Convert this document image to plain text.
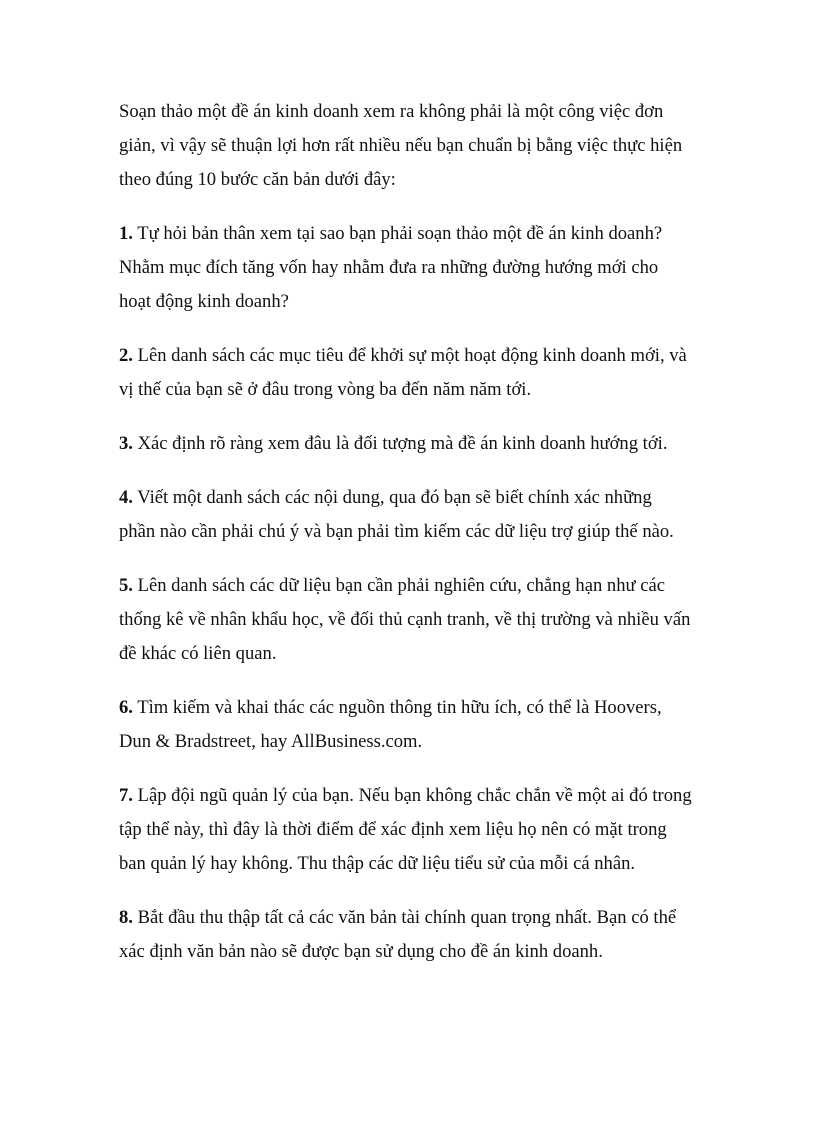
Soạn thảo một đề án kinh doanh xem ra không phải là một công việc đơn
giản, vì vậy sẽ thuận lợi hơn rất nhiều nếu bạn chuẩn bị bằng việc thực hiện
theo đúng 10 bước căn bản dưới đây:

1. Tự hỏi bản thân xem tại sao bạn phải soạn thảo một đề án kinh doanh?
Nhằm mục đích tăng vốn hay nhằm đưa ra những đường hướng mới cho
hoạt động kinh doanh?

2. Lên danh sách các mục tiêu để khởi sự một hoạt động kinh doanh mới, và
vị thế của bạn sẽ ở đâu trong vòng ba đến năm năm tới.

3. Xác định rõ ràng xem đâu là đối tượng mà đề án kinh doanh hướng tới.

4. Viết một danh sách các nội dung, qua đó bạn sẽ biết chính xác những
phần nào cần phải chú ý và bạn phải tìm kiếm các dữ liệu trợ giúp thế nào.

5. Lên danh sách các dữ liệu bạn cần phải nghiên cứu, chẳng hạn như các
thống kê về nhân khẩu học, về đối thủ cạnh tranh, về thị trường và nhiều vấn
đề khác có liên quan.

6. Tìm kiếm và khai thác các nguồn thông tin hữu ích, có thể là Hoovers,
Dun & Bradstreet, hay AllBusiness.com.

7. Lập đội ngũ quản lý của bạn. Nếu bạn không chắc chắn về một ai đó trong
tập thể này, thì đây là thời điểm để xác định xem liệu họ nên có mặt trong
ban quản lý hay không. Thu thập các dữ liệu tiểu sử của mỗi cá nhân.

8. Bắt đầu thu thập tất cả các văn bản tài chính quan trọng nhất. Bạn có thể
xác định văn bản nào sẽ được bạn sử dụng cho đề án kinh doanh.
